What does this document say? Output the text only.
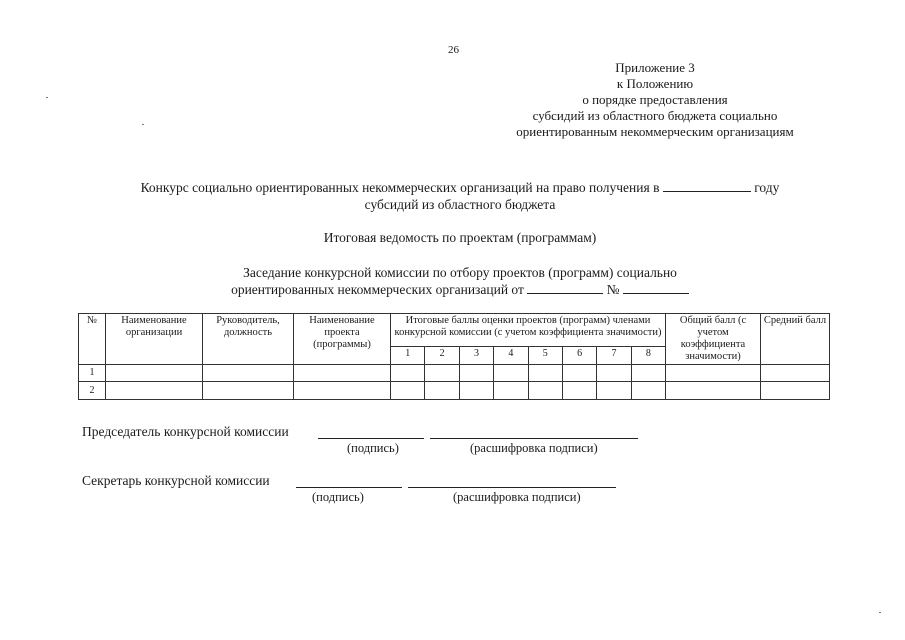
26
Приложение 3
к Положению
о порядке предоставления
субсидий из областного бюджета социально
ориентированным некоммерческим организациям
Конкурс социально ориентированных некоммерческих организаций на право получения в	году
субсидий из областного бюджета
Итоговая ведомость по проектам (программам)
Заседание конкурсной комиссии по отбору проектов (программ) социально
ориентированных некоммерческих организаций от	№
№	Наименование организации	Руководитель, должность	Наименование проекта (программы)	Итоговые баллы оценки проектов (программ) членами конкурсной комиссии (с учетом коэффициента значимости)								Общий балл (с учетом коэффициента значимости)	Средний балл
				1	2	3	4	5	6	7	8		
1													
2													
Председатель конкурсной комиссии
(подпись)	(расшифровка подписи)
Секретарь конкурсной комиссии
(подпись)	(расшифровка подписи)
